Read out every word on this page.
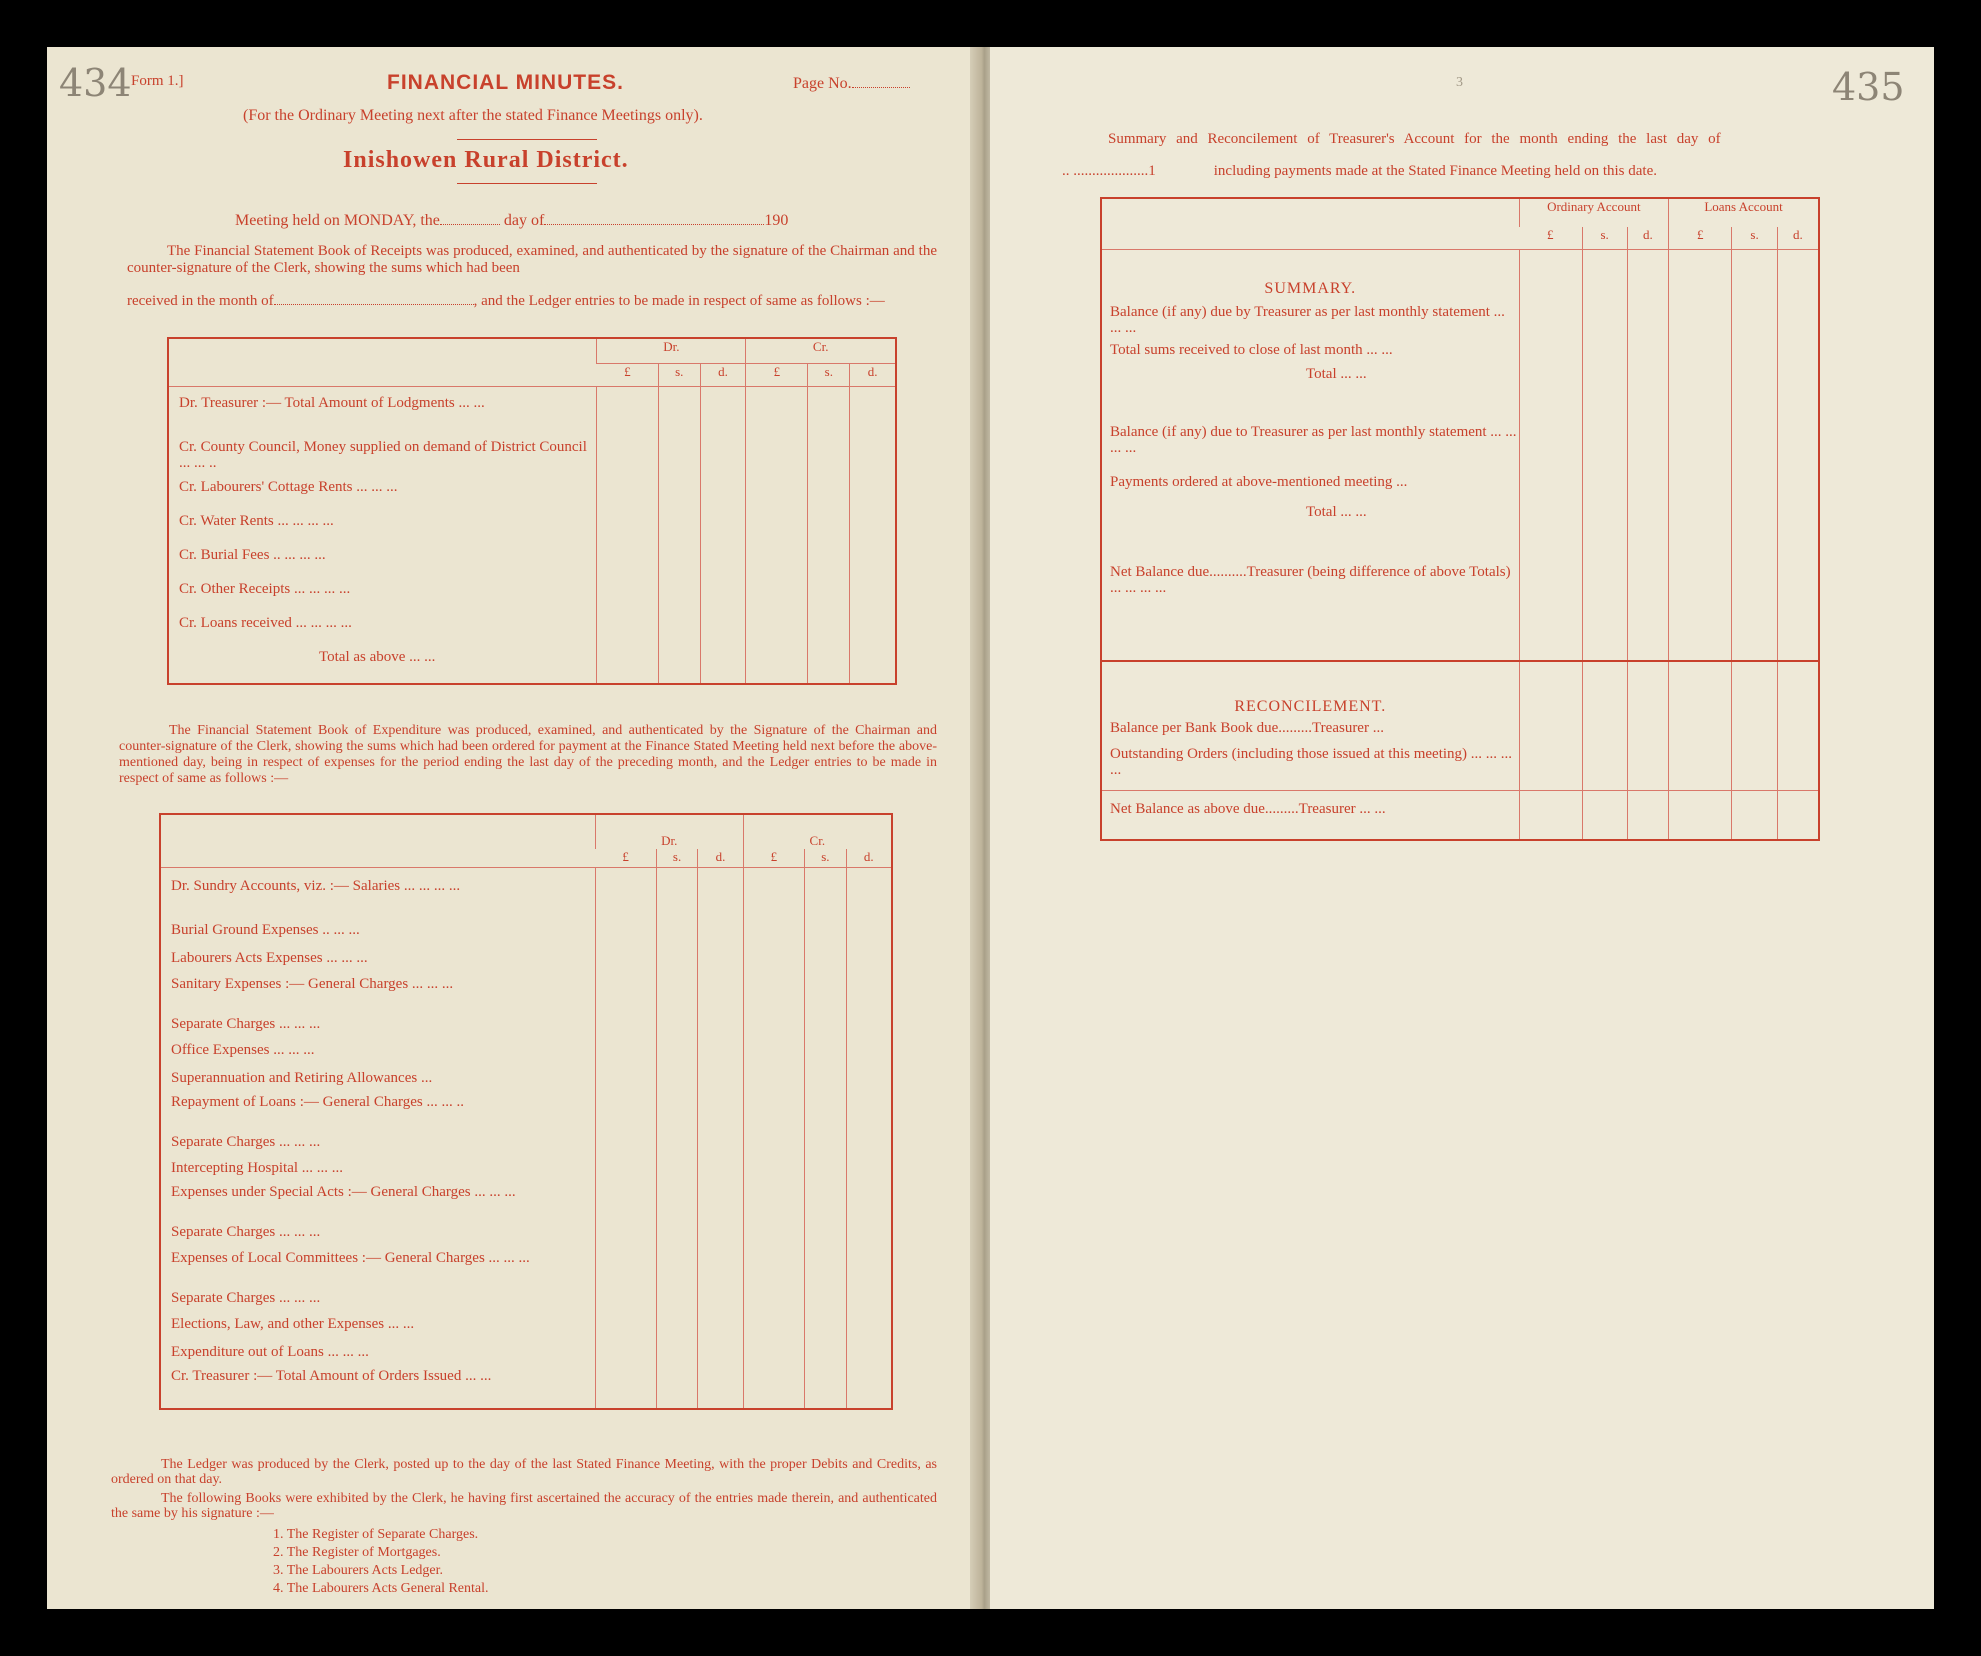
434 Form 1.]	FINANCIAL MINUTES.	Page No.
(For the Ordinary Meeting next after the stated Finance Meetings only).
Inishowen Rural District.
Meeting held on MONDAY, the	day of	190
The Financial Statement Book of Receipts was produced, examined, and authenticated by the signature of the Chairman and the counter-signature of the Clerk, showing the sums which had been
received in the month of	, and the Ledger entries to be made in respect of same as follows :—
	Dr.			Cr.		
	£	s.	d.	£	s.	d.
Dr. Treasurer :— Total Amount of Lodgments ... ...						
Cr. County Council, Money supplied on demand of District Council ... ... ..						
Cr. Labourers' Cottage Rents ... ... ...						
Cr. Water Rents ... ... ... ...						
Cr. Burial Fees .. ... ... ...						
Cr. Other Receipts ... ... ... ...						
Cr. Loans received ... ... ... ...						
Total as above ... ...						
The Financial Statement Book of Expenditure was produced, examined, and authenticated by the Signature of the Chairman and counter-signature of the Clerk, showing the sums which had been ordered for payment at the Finance Stated Meeting held next before the above-mentioned day, being in respect of expenses for the period ending the last day of the preceding month, and the Ledger entries to be made in respect of same as follows :—
	Dr.			Cr.		
	£	s.	d.	£	s.	d.
Dr. Sundry Accounts, viz. :— Salaries ... ... ... ...						
Burial Ground Expenses .. ... ...						
Labourers Acts Expenses ... ... ...						
Sanitary Expenses :— General Charges ... ... ...						
Separate Charges ... ... ...						
Office Expenses ... ... ...						
Superannuation and Retiring Allowances ...						
Repayment of Loans :— General Charges ... ... ..						
Separate Charges ... ... ...						
Intercepting Hospital ... ... ...						
Expenses under Special Acts :— General Charges ... ... ...						
Separate Charges ... ... ...						
Expenses of Local Committees :— General Charges ... ... ...						
Separate Charges ... ... ...						
Elections, Law, and other Expenses ... ...						
Expenditure out of Loans ... ... ...						
Cr. Treasurer :— Total Amount of Orders Issued ... ...						
The Ledger was produced by the Clerk, posted up to the day of the last Stated Finance Meeting, with the proper Debits and Credits, as ordered on that day.
The following Books were exhibited by the Clerk, he having first ascertained the accuracy of the entries made therein, and authenticated the same by his signature :—
1. The Register of Separate Charges.
2. The Register of Mortgages.
3. The Labourers Acts Ledger.
4. The Labourers Acts General Rental.
435
3
Summary and Reconcilement of Treasurer's Account for the month ending the last day of
.. ....................1	including payments made at the Stated Finance Meeting held on this date.
	Ordinary Account			Loans Account		
	£	s.	d.	£	s.	d.
SUMMARY.						
Balance (if any) due by Treasurer as per last monthly statement ... ... ...						
Total sums received to close of last month ... ...						
Total ... ...						
Balance (if any) due to Treasurer as per last monthly statement ... ... ... ...						
Payments ordered at above-mentioned meeting ...						
Total ... ...						
Net Balance due..........Treasurer (being difference of above Totals) ... ... ... ...						
RECONCILEMENT.						
Balance per Bank Book due.........Treasurer ...						
Outstanding Orders (including those issued at this meeting) ... ... ... ...						
Net Balance as above due.........Treasurer ... ...						
